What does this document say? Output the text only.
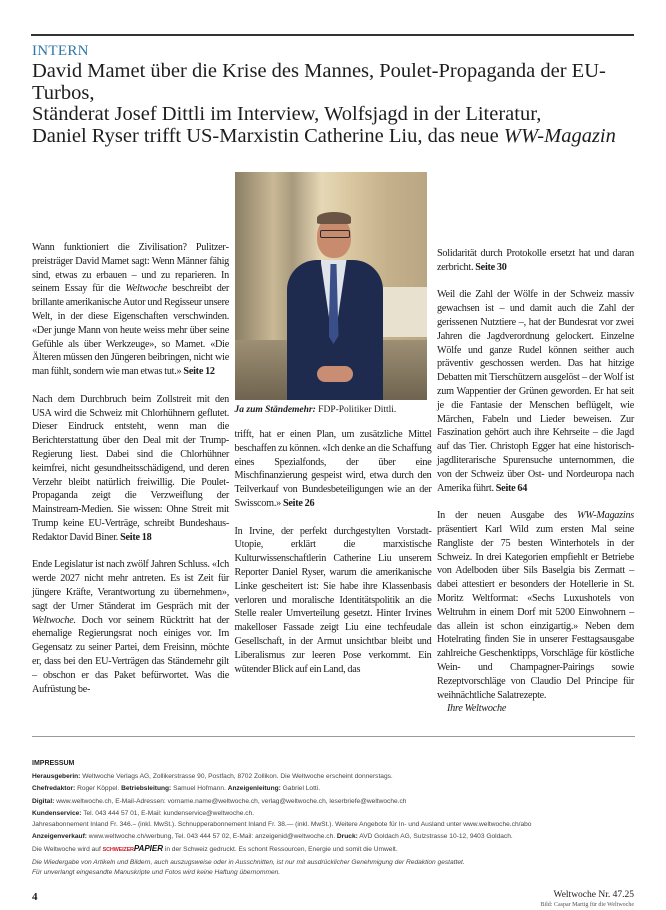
INTERN
David Mamet über die Krise des Mannes, Poulet-Propaganda der EU-Turbos,
Ständerat Josef Dittli im Interview, Wolfsjagd in der Literatur,
Daniel Ryser trifft US-Marxistin Catherine Liu, das neue WW-Magazin

Wann funktioniert die Zivilisation? Pulitzerpreisträger David Mamet sagt: Wenn Männer fähig sind, etwas zu erbauen – und zu reparieren. In seinem Essay für die Weltwoche beschreibt der brillante amerikanische Autor und Regisseur unsere Welt, in der diese Eigenschaften verschwinden. «Der junge Mann von heute weiss mehr über seine Gefühle als über Werkzeuge», so Mamet. «Die Älteren müssen den Jüngeren beibringen, nicht wie man fühlt, sondern wie man etwas tut.» Seite 12

Nach dem Durchbruch beim Zollstreit mit den USA wird die Schweiz mit Chlorhühnern geflutet. Dieser Eindruck entsteht, wenn man die Berichterstattung über den Deal mit der Trump-Regierung liest. Dabei sind die Chlorhühner keimfrei, nicht gesundheitsschädigend, und deren Verzehr bleibt natürlich freiwillig. Die Poulet-Propaganda zeigt die Verzweiflung der Mainstream-Medien. Sie wissen: Ohne Streit mit Trump keine EU-Verträge, schreibt Bundeshaus-Redaktor David Biner. Seite 18

Ende Legislatur ist nach zwölf Jahren Schluss. «Ich werde 2027 nicht mehr antreten. Es ist Zeit für jüngere Kräfte, Verantwortung zu übernehmen», sagt der Urner Ständerat im Gespräch mit der Weltwoche. Doch vor seinem Rücktritt hat der ehemalige Regierungsrat noch einiges vor. Im Gegensatz zu seiner Partei, dem Freisinn, möchte er, dass bei den EU-Verträgen das Ständemehr gilt – obschon er das Paket befürwortet. Was die Aufrüstung be-

Ja zum Ständemehr: FDP-Politiker Dittli.

trifft, hat er einen Plan, um zusätzliche Mittel beschaffen zu können. «Ich denke an die Schaffung eines Spezialfonds, der über eine Mischfinanzierung gespeist wird, etwa durch den Teilverkauf von Bundesbeteiligungen wie an der Swisscom.» Seite 26

In Irvine, der perfekt durchgestylten Vorstadt-Utopie, erklärt die marxistische Kulturwissenschaftlerin Catherine Liu unserem Reporter Daniel Ryser, warum die amerikanische Linke gescheitert ist: Sie habe ihre Klassenbasis verloren und moralische Identitätspolitik an die Stelle realer Umverteilung gesetzt. Hinter Irvines makelloser Fassade zeigt Liu eine techfeudale Gesellschaft, in der Armut unsichtbar bleibt und Liberalismus zur leeren Pose verkommt. Ein wütender Blick auf ein Land, das

Solidarität durch Protokolle ersetzt hat und daran zerbricht. Seite 30

Weil die Zahl der Wölfe in der Schweiz massiv gewachsen ist – und damit auch die Zahl der gerissenen Nutztiere –, hat der Bundesrat vor zwei Jahren die Jagdverordnung gelockert. Einzelne Wölfe und ganze Rudel können seither auch präventiv geschossen werden. Das hat hitzige Debatten mit Tierschützern ausgelöst – der Wolf ist zum Wappentier der Grünen geworden. Er hat seit je die Fantasie der Menschen beflügelt, wie Märchen, Fabeln und Lieder beweisen. Zur Faszination gehört auch ihre Kehrseite – die Jagd auf das Tier. Christoph Egger hat eine historisch-jagdliterarische Spurensuche unternommen, die von der Schweiz über Ost- und Nordeuropa nach Amerika führt. Seite 64

In der neuen Ausgabe des WW-Magazins präsentiert Karl Wild zum ersten Mal seine Rangliste der 75 besten Winterhotels in der Schweiz. In drei Kategorien empfiehlt er Betriebe von Adelboden über Sils Baselgia bis Zermatt – dabei attestiert er besonders der Hotellerie in St. Moritz Weltformat: «Sechs Luxushotels von Weltruhm in einem Dorf mit 5200 Einwohnern – das allein ist schon einzigartig.» Neben dem Hotelrating finden Sie in unserer Festtagsausgabe zahlreiche Geschenktipps, Vorschläge für köstliche Wein- und Champagner-Pairings sowie Rezeptvorschläge von Claudio Del Principe für weihnächtliche Salatrezepte.

Ihre Weltwoche

IMPRESSUM
Herausgeberin: Weltwoche Verlags AG, Zollikerstrasse 90, Postfach, 8702 Zollikon. Die Weltwoche erscheint donnerstags.
Chefredaktor: Roger Köppel. Betriebsleitung: Samuel Hofmann. Anzeigenleitung: Gabriel Lotti.
Digital: www.weltwoche.ch, E-Mail-Adressen: vorname.name@weltwoche.ch, verlag@weltwoche.ch, leserbriefe@weltwoche.ch
Kundenservice: Tel. 043 444 57 01, E-Mail: kundenservice@weltwoche.ch.
Jahresabonnement Inland Fr. 346.– (inkl. MwSt.). Schnupperabonnement Inland Fr. 38.— (inkl. MwSt.). Weitere Angebote für In- und Ausland unter www.weltwoche.ch/abo
Anzeigenverkauf: www.weltwoche.ch/werbung, Tel. 043 444 57 02, E-Mail: anzeigenid@weltwoche.ch. Druck: AVD Goldach AG, Sulzstrasse 10-12, 9403 Goldach.
Die Weltwoche wird auf SCHWEIZERPAPIER in der Schweiz gedruckt. Es schont Ressourcen, Energie und somit die Umwelt.
Die Wiedergabe von Artikeln und Bildern, auch auszugsweise oder in Ausschnitten, ist nur mit ausdrücklicher Genehmigung der Redaktion gestattet.
Für unverlangt eingesandte Manuskripte und Fotos wird keine Haftung übernommen.
4	Weltwoche Nr. 47.25
Bild: Caspar Martig für die Weltwoche
